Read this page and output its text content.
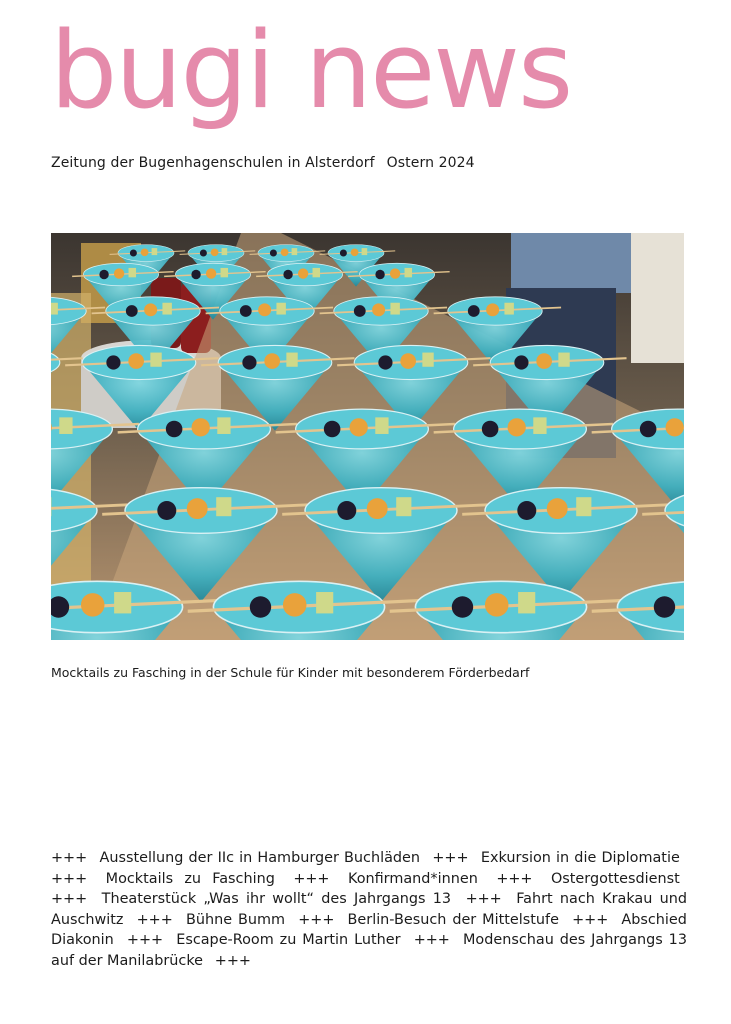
bugi news
Zeitung der Bugenhagenschulen in Alsterdorf Ostern 2024
Mocktails zu Fasching in der Schule für Kinder mit besonderem Förderbedarf
+++  Ausstellung der IIc in Hamburger Buchläden  +++  Exkursion in die Diplomatie  +++  Mocktails zu Fasching  +++  Konfirmand*innen  +++  Ostergottesdienst  +++  Theaterstück „Was ihr wollt“ des Jahrgangs 13  +++  Fahrt nach Krakau und Auschwitz  +++  Bühne Bumm  +++  Berlin-Besuch der Mittelstufe  +++  Abschied Diakonin  +++  Escape-Room zu Martin Luther  +++  Modenschau des Jahrgangs 13 auf der Manilabrücke  +++ 
